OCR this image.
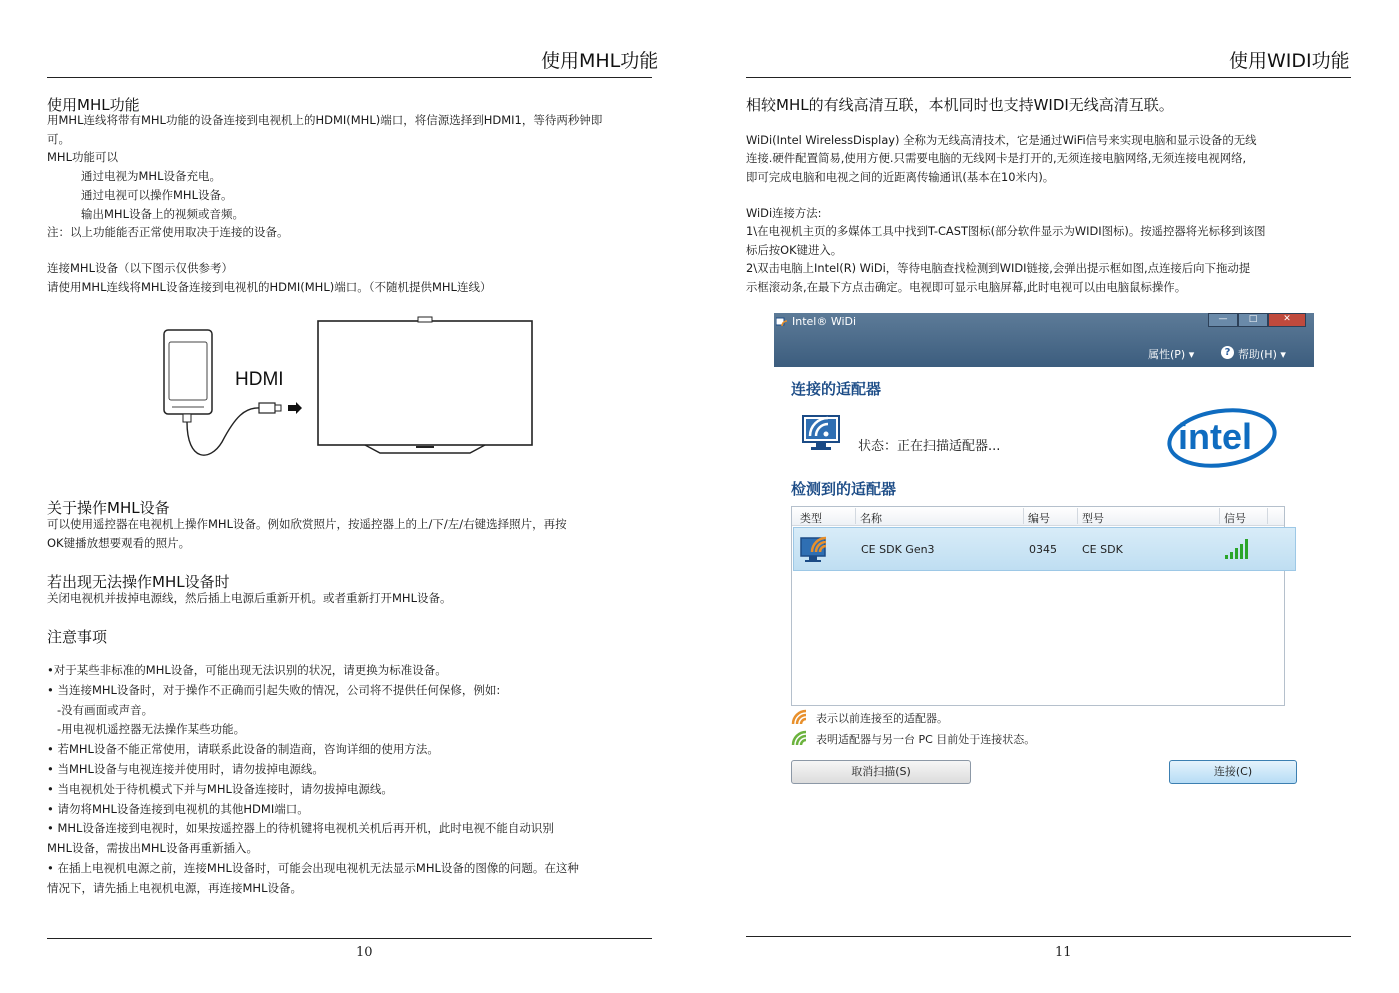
使用MHL功能
使用MHL功能
用MHL连线将带有MHL功能的设备连接到电视机上的HDMI(MHL)端口，将信源选择到HDMI1，等待两秒钟即
可。
MHL功能可以
通过电视为MHL设备充电。
通过电视可以操作MHL设备。
输出MHL设备上的视频或音频。
注：以上功能能否正常使用取决于连接的设备。
连接MHL设备（以下图示仅供参考）
请使用MHL连线将MHL设备连接到电视机的HDMI(MHL)端口。（不随机提供MHL连线）
HDMI
关于操作MHL设备
可以使用遥控器在电视机上操作MHL设备。例如欣赏照片，按遥控器上的上/下/左/右键选择照片，再按
OK键播放想要观看的照片。
若出现无法操作MHL设备时
关闭电视机并拔掉电源线，然后插上电源后重新开机。或者重新打开MHL设备。
注意事项
•对于某些非标准的MHL设备，可能出现无法识别的状况，请更换为标准设备。
• 当连接MHL设备时，对于操作不正确而引起失败的情况，公司将不提供任何保修，例如:
-没有画面或声音。
-用电视机遥控器无法操作某些功能。
• 若MHL设备不能正常使用，请联系此设备的制造商，咨询详细的使用方法。
• 当MHL设备与电视连接并使用时，请勿拔掉电源线。
• 当电视机处于待机模式下并与MHL设备连接时，请勿拔掉电源线。
• 请勿将MHL设备连接到电视机的其他HDMI端口。
• MHL设备连接到电视时，如果按遥控器上的待机键将电视机关机后再开机，此时电视不能自动识别
MHL设备，需拔出MHL设备再重新插入。
• 在插上电视机电源之前，连接MHL设备时，可能会出现电视机无法显示MHL设备的图像的问题。在这种
情况下，请先插上电视机电源，再连接MHL设备。
10
使用WIDI功能
相较MHL的有线高清互联，本机同时也支持WIDI无线高清互联。
WiDi(Intel WirelessDisplay) 全称为无线高清技术，它是通过WiFi信号来实现电脑和显示设备的无线
连接.硬件配置简易,使用方便.只需要电脑的无线网卡是打开的,无须连接电脑网络,无须连接电视网络,
即可完成电脑和电视之间的近距离传输通讯(基本在10米内)。
WiDi连接方法:
1\在电视机主页的多媒体工具中找到T-CAST图标(部分软件显示为WIDI图标)。按遥控器将光标移到该图
标后按OK键进入。
2\双击电脑上Intel(R) WiDi，等待电脑查找检测到WIDI链接,会弹出提示框如图,点连接后向下拖动提
示框滚动条,在最下方点击确定。电视即可显示电脑屏幕,此时电视可以由电脑鼠标操作。
11
Intel® WiDi	—	□	✕
属性(P) ▾	? 帮助(H) ▾
连接的适配器
状态：正在扫描适配器...	intel
检测到的适配器
类型	名称	编号	型号	信号
CE SDK Gen3	0345 CE SDK
表示以前连接至的适配器。
表明适配器与另一台 PC 目前处于连接状态。
取消扫描(S)	连接(C)
